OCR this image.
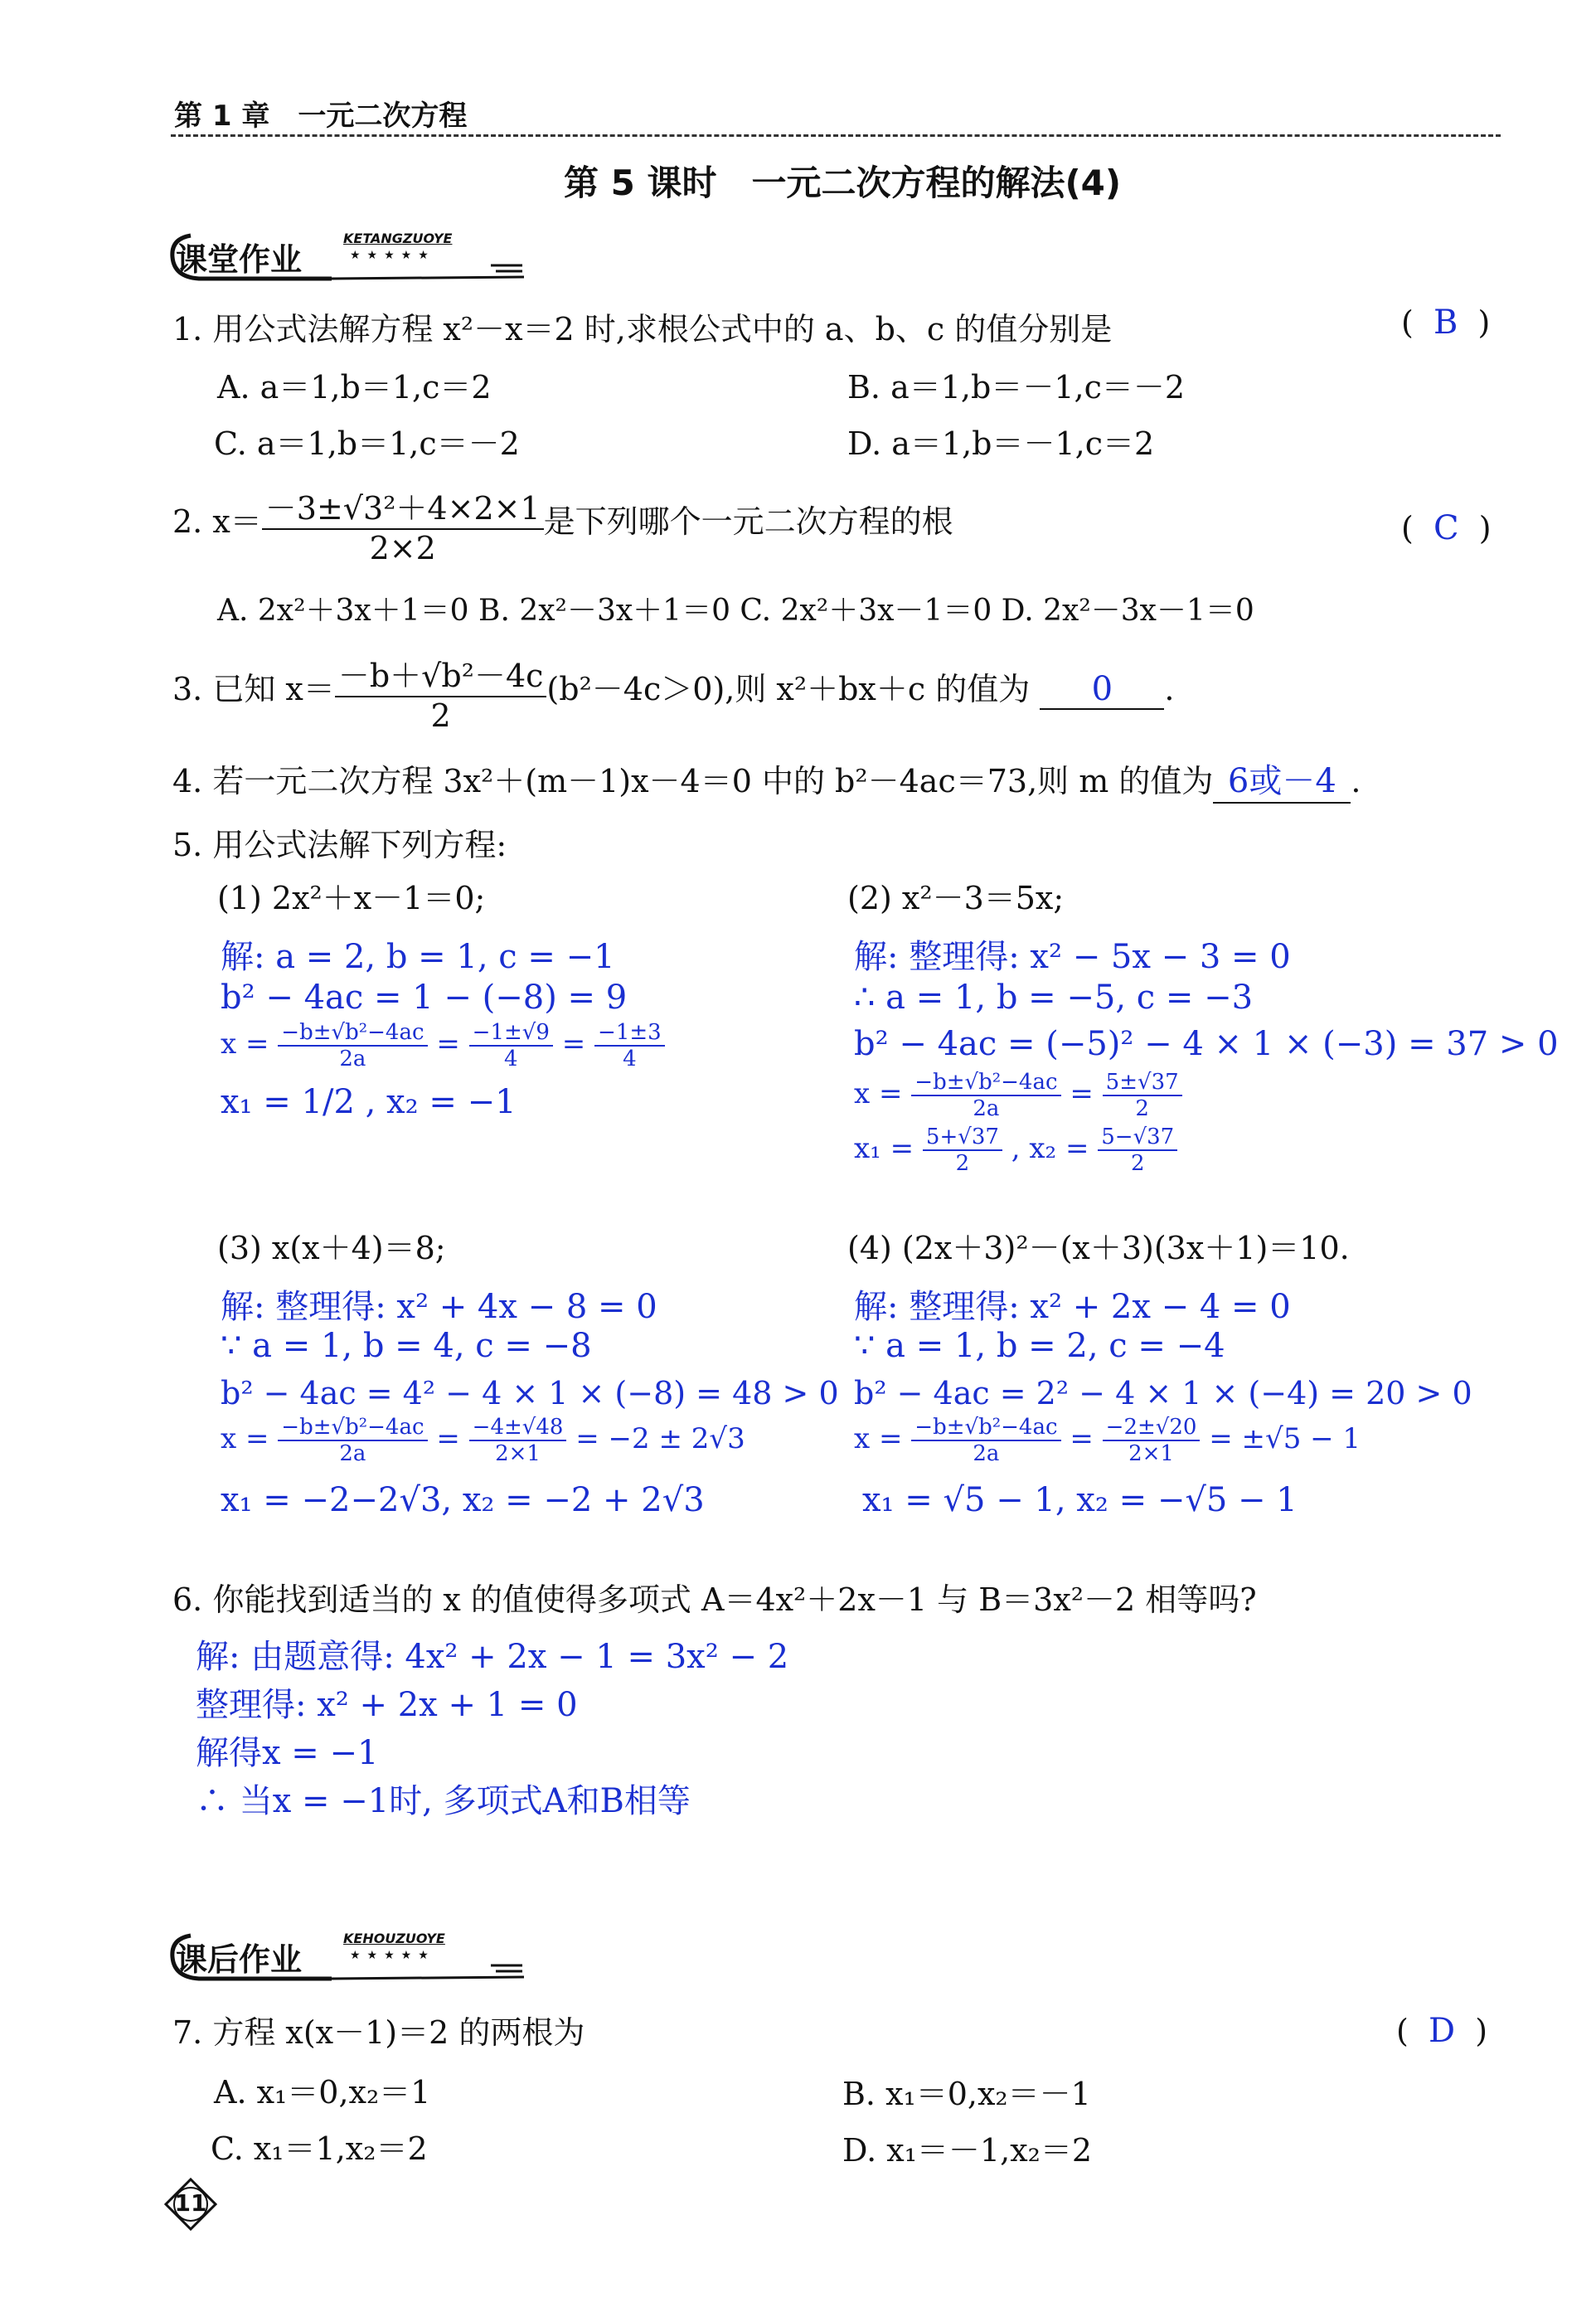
第 1 章　一元二次方程
第 5 课时　一元二次方程的解法(4)
课堂作业
KETANGZUOYE
★★★★★
1. 用公式法解方程 x²－x＝2 时,求根公式中的 a、b、c 的值分别是	(  B  )
A. a＝1,b＝1,c＝2	B. a＝1,b＝－1,c＝－2
C. a＝1,b＝1,c＝－2	D. a＝1,b＝－1,c＝2
2. $x= \frac{\text{－3±√3²＋4×2×1}}{2\times 2}$ 是下列哪个一元二次方程的根	(  C  )
A. 2x²＋3x＋1＝0 B. 2x²－3x＋1＝0 C. 2x²＋3x－1＝0 D. 2x²－3x－1＝0
3. 已知 $x= \frac{\text{－b＋√b²－4c}}{2} (b^2-4c>0)$,则 x²＋bx＋c 的值为 0 .
4. 若一元二次方程 3x²＋(m－1)x－4＝0 中的 b²－4ac＝73,则 m 的值为 6或－4 .
5. 用公式法解下列方程:
(1) 2x²＋x－1＝0;
解: a = 2, b = 1, c = −1
b² − 4ac = 1 − (−8) = 9
$x = \frac{\text{−b±√b²−4ac}}{2a} = \frac{-1\pm√9}{4} = \frac{-1\pm 3}{4}$
x₁ = 1/2 , x₂ = −1
(2) x²－3＝5x;
解: 整理得: x² − 5x − 3 = 0
∴ a = 1, b = −5, c = −3
b² − 4ac = (−5)² − 4 × 1 × (−3) = 37 > 0
$x = \frac{\text{−b±√b²−4ac}}{2a} = \frac{5\pm√37}{2}$
$x_1 = \frac{5+√37}{2}$ , $x_2 = \frac{5-√37}{2}$
(3) x(x＋4)＝8;
解: 整理得: x² + 4x − 8 = 0
∵ a = 1, b = 4, c = −8
b² − 4ac = 4² − 4 × 1 × (−8) = 48 > 0
$x = \frac{\text{−b±√b²−4ac}}{2a} = \frac{-4\pm√48}{2\times 1} = -2 \pm 2√3$
x₁ = −2−2√3, x₂ = −2 + 2√3
(4) (2x＋3)²－(x＋3)(3x＋1)＝10.
解: 整理得: x² + 2x − 4 = 0
∵ a = 1, b = 2, c = −4
b² − 4ac = 2² − 4 × 1 × (−4) = 20 > 0
$x = \frac{\text{−b±√b²−4ac}}{2a} = \frac{-2\pm√20}{2\times 1} = \pm√5 - 1$
x₁ = √5 − 1, x₂ = −√5 − 1
6. 你能找到适当的 x 的值使得多项式 A＝4x²＋2x－1 与 B＝3x²－2 相等吗?
解: 由题意得: 4x² + 2x − 1 = 3x² − 2
整理得: x² + 2x + 1 = 0
解得x = −1
∴ 当x = −1时, 多项式A和B相等
课后作业
KEHOUZUOYE
★★★★★
7. 方程 x(x－1)＝2 的两根为	(  D  )
A. x₁＝0,x₂＝1	B. x₁＝0,x₂＝－1
C. x₁＝1,x₂＝2	D. x₁＝－1,x₂＝2
11
